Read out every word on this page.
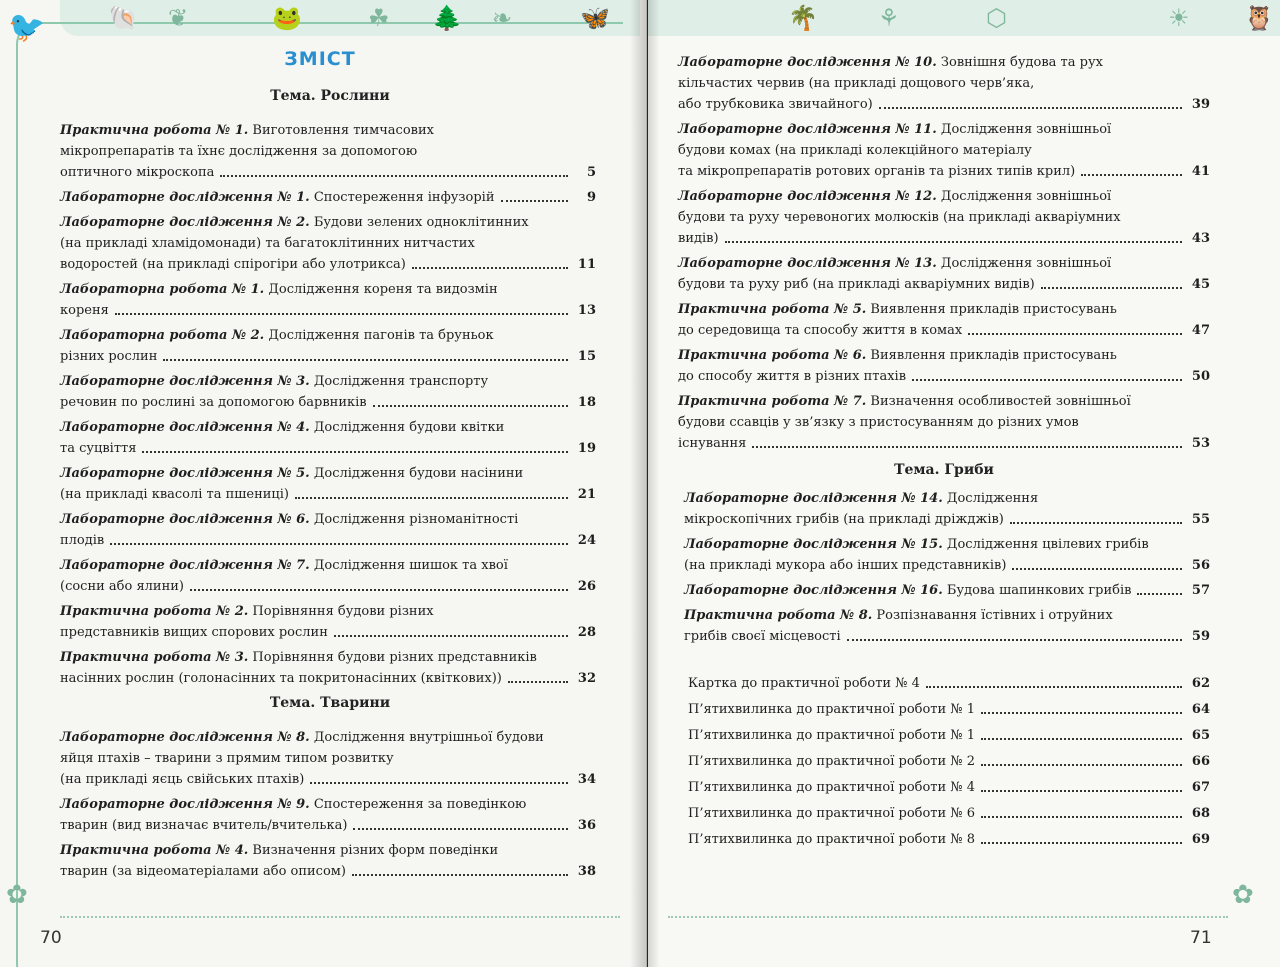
🐦	🐚 ❦	🐸	☘ 🌲 ❧	🦋
ЗМІСТ
Тема. Рослини
Практична робота № 1. Виготовлення тимчасових
мікропрепаратів та їхнє дослідження за допомогою
оптичного мікроскопа	5
Лабораторне дослідження № 1. Спостереження інфузорій	9
Лабораторне дослідження № 2. Будови зелених одноклітинних
(на прикладі хламідомонади) та багатоклітинних нитчастих
водоростей (на прикладі спірогіри або улотрикса)	11
Лабораторна робота № 1. Дослідження кореня та видозмін
кореня	13
Лабораторна робота № 2. Дослідження пагонів та бруньок
різних рослин	15
Лабораторне дослідження № 3. Дослідження транспорту
речовин по рослині за допомогою барвників	18
Лабораторне дослідження № 4. Дослідження будови квітки
та суцвіття	19
Лабораторне дослідження № 5. Дослідження будови насінини
(на прикладі квасолі та пшениці)	21
Лабораторне дослідження № 6. Дослідження різноманітності
плодів	24
Лабораторне дослідження № 7. Дослідження шишок та хвої
(сосни або ялини)	26
Практична робота № 2. Порівняння будови різних
представників вищих спорових рослин	28
Практична робота № 3. Порівняння будови різних представників
насінних рослин (голонасінних та покритонасінних (квіткових))	32
Тема. Тварини
Лабораторне дослідження № 8. Дослідження внутрішньої будови
яйця птахів – тварини з прямим типом розвитку
(на прикладі яєць свійських птахів)	34
Лабораторне дослідження № 9. Спостереження за поведінкою
тварин (вид визначає вчитель/вчителька)	36
Практична робота № 4. Визначення різних форм поведінки
тварин (за відеоматеріалами або описом)	38
✿
70
🌴	⚘	⬡	☀ 🦉
Лабораторне дослідження № 10. Зовнішня будова та рух
кільчастих червив (на прикладі дощового черв’яка,
або трубковика звичайного)	39
Лабораторне дослідження № 11. Дослідження зовнішньої
будови комах (на прикладі колекційного матеріалу
та мікропрепаратів ротових органів та різних типів крил)	41
Лабораторне дослідження № 12. Дослідження зовнішньої
будови та руху черевоногих молюсків (на прикладі акваріумних
видів)	43
Лабораторне дослідження № 13. Дослідження зовнішньої
будови та руху риб (на прикладі акваріумних видів)	45
Практична робота № 5. Виявлення прикладів пристосувань
до середовища та способу життя в комах	47
Практична робота № 6. Виявлення прикладів пристосувань
до способу життя в різних птахів	50
Практична робота № 7. Визначення особливостей зовнішньої
будови ссавців у зв’язку з пристосуванням до різних умов
існування	53
Тема. Гриби
Лабораторне дослідження № 14. Дослідження
мікроскопічних грибів (на прикладі дріжджів)	55
Лабораторне дослідження № 15. Дослідження цвілевих грибів
(на прикладі мукора або інших представників)	56
Лабораторне дослідження № 16. Будова шапинкових грибів	57
Практична робота № 8. Розпізнавання їстівних і отруйних
грибів своєї місцевості	59
Картка до практичної роботи № 4	62
П’ятихвилинка до практичної роботи № 1	64
П’ятихвилинка до практичної роботи № 1	65
П’ятихвилинка до практичної роботи № 2	66
П’ятихвилинка до практичної роботи № 4	67
П’ятихвилинка до практичної роботи № 6	68
П’ятихвилинка до практичної роботи № 8	69
✿
71
